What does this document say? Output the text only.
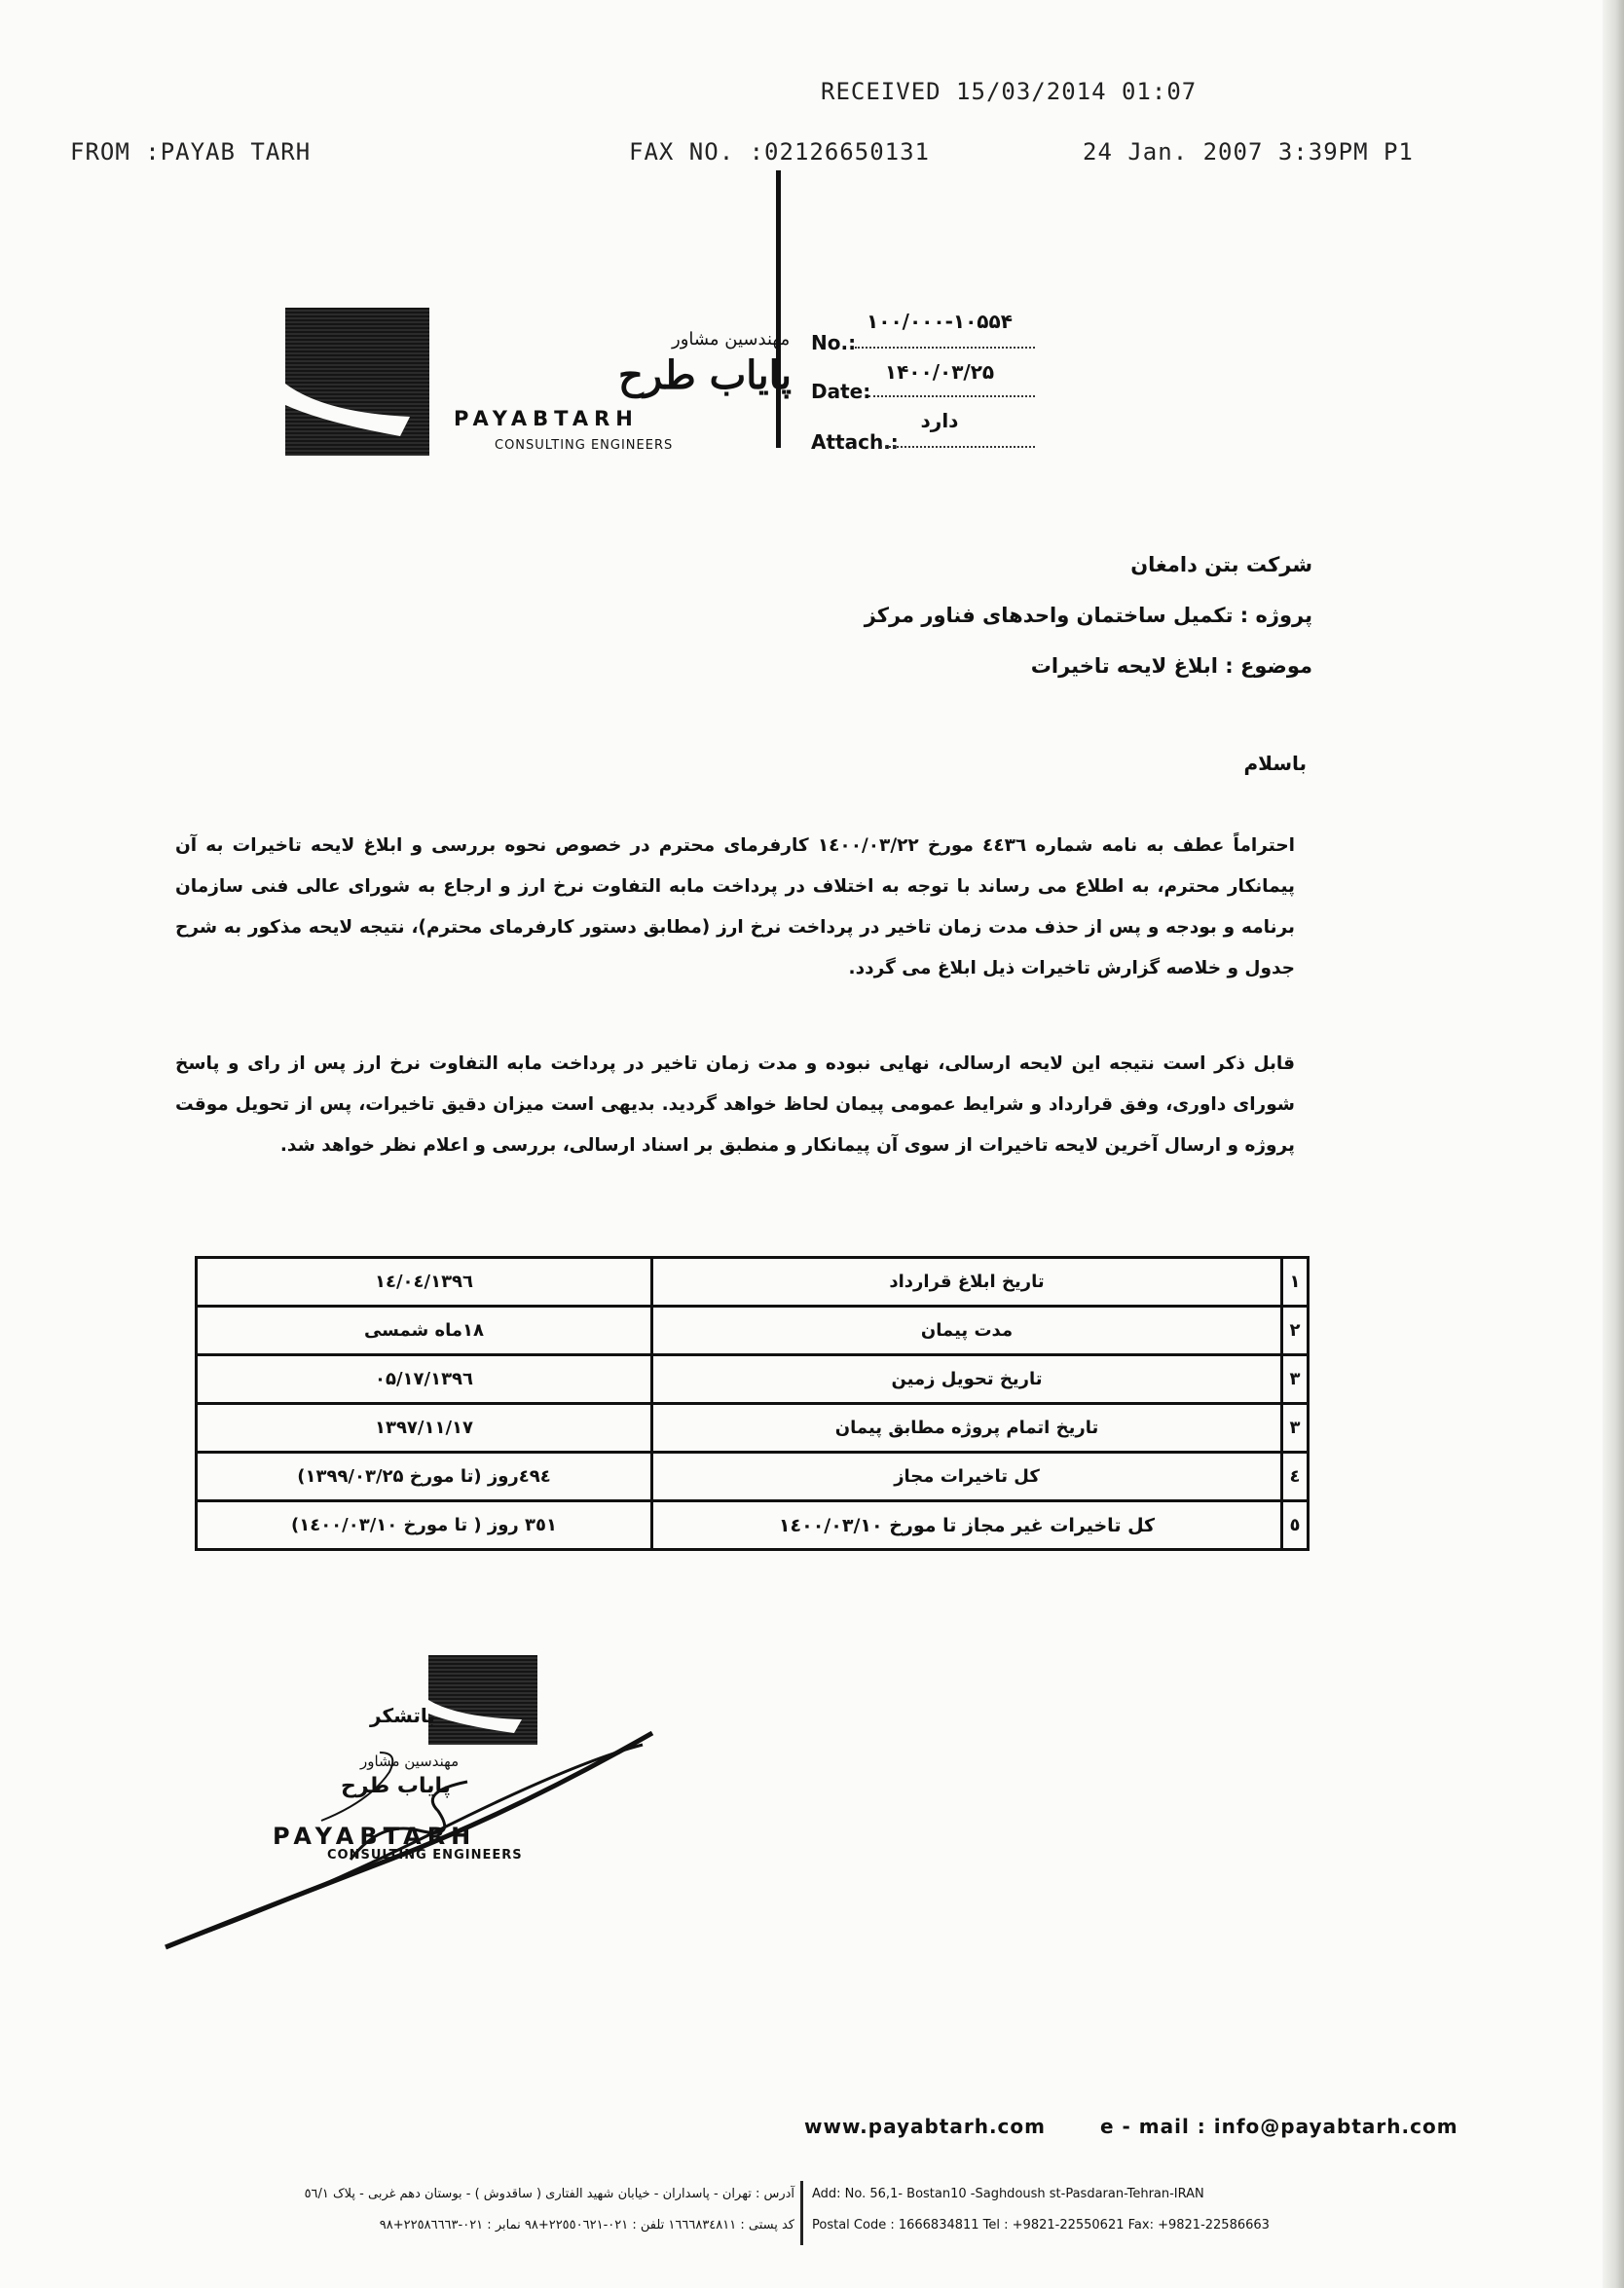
RECEIVED 15/03/2014 01:07
FROM :PAYAB TARH	FAX NO. :02126650131	24 Jan. 2007 3:39PM P1
مهندسین مشاور
پایاب طرح
PAYABTARH
CONSULTING ENGINEERS
۱۰۰/۰۰۰-۱۰۵۵۴
No.:
۱۴۰۰/۰۳/۲۵
Date:
دارد
Attach.:
شرکت بتن دامغان
پروژه : تکمیل ساختمان واحدهای فناور مرکز
موضوع : ابلاغ لایحه تاخیرات
باسلام
احتراماً عطف به نامه شماره ٤٤٣٦ مورخ ۱٤۰۰/۰۳/۲۲ کارفرمای محترم در خصوص نحوه بررسی و ابلاغ لایحه تاخیرات به آن پیمانکار محترم، به اطلاع می رساند با توجه به اختلاف در پرداخت مابه التفاوت نرخ ارز و ارجاع به شورای عالی فنی سازمان برنامه و بودجه و پس از حذف مدت زمان تاخیر در پرداخت نرخ ارز (مطابق دستور کارفرمای محترم)، نتیجه لایحه مذکور به شرح جدول و خلاصه گزارش تاخیرات ذیل ابلاغ می گردد.
قابل ذکر است نتیجه این لایحه ارسالی، نهایی نبوده و مدت زمان تاخیر در پرداخت مابه التفاوت نرخ ارز پس از رای و پاسخ شورای داوری، وفق قرارداد و شرایط عمومی پیمان لحاظ خواهد گردید. بدیهی است میزان دقیق تاخیرات، پس از تحویل موقت پروژه و ارسال آخرین لایحه تاخیرات از سوی آن پیمانکار و منطبق بر اسناد ارسالی، بررسی و اعلام نظر خواهد شد.
۱	تاریخ ابلاغ قرارداد	۱۳۹٦/۰٤/۱٤
۲	مدت پیمان	۱۸ماه شمسی
۳	تاریخ تحویل زمین	۱۳۹٦/۰۵/۱۷
۳	تاریخ اتمام پروژه مطابق پیمان	۱۳۹۷/۱۱/۱۷
٤	کل تاخیرات مجاز	٤۹٤روز (تا مورخ ۱۳۹۹/۰۳/۲۵)
٥	کل تاخیرات غیر مجاز تا مورخ ۱٤۰۰/۰۳/۱۰	۳٥۱ روز ( تا مورخ ۱٤۰۰/۰۳/۱۰)
باتشکر
مهندسین مشاور
پایاب طرح
PAYABTARH
CONSULTING ENGINEERS
www.payabtarh.com	e - mail : info@payabtarh.com
Add: No. 56,1- Bostan10 -Saghdoush st-Pasdaran-Tehran-IRAN
Postal Code : 1666834811 Tel : +9821-22550621 Fax: +9821-22586663
آدرس : تهران - پاسداران - خیابان شهید الفتاری ( ساقدوش ) - بوستان دهم غربی - پلاک ٥٦/۱
کد پستی : ۱٦٦٦۸۳٤۸۱۱ تلفن : ۰۲۱-۲۲٥٥۰٦۲۱+۹۸ نمابر : ۰۲۱-۲۲٥۸٦٦٦۳+۹۸
